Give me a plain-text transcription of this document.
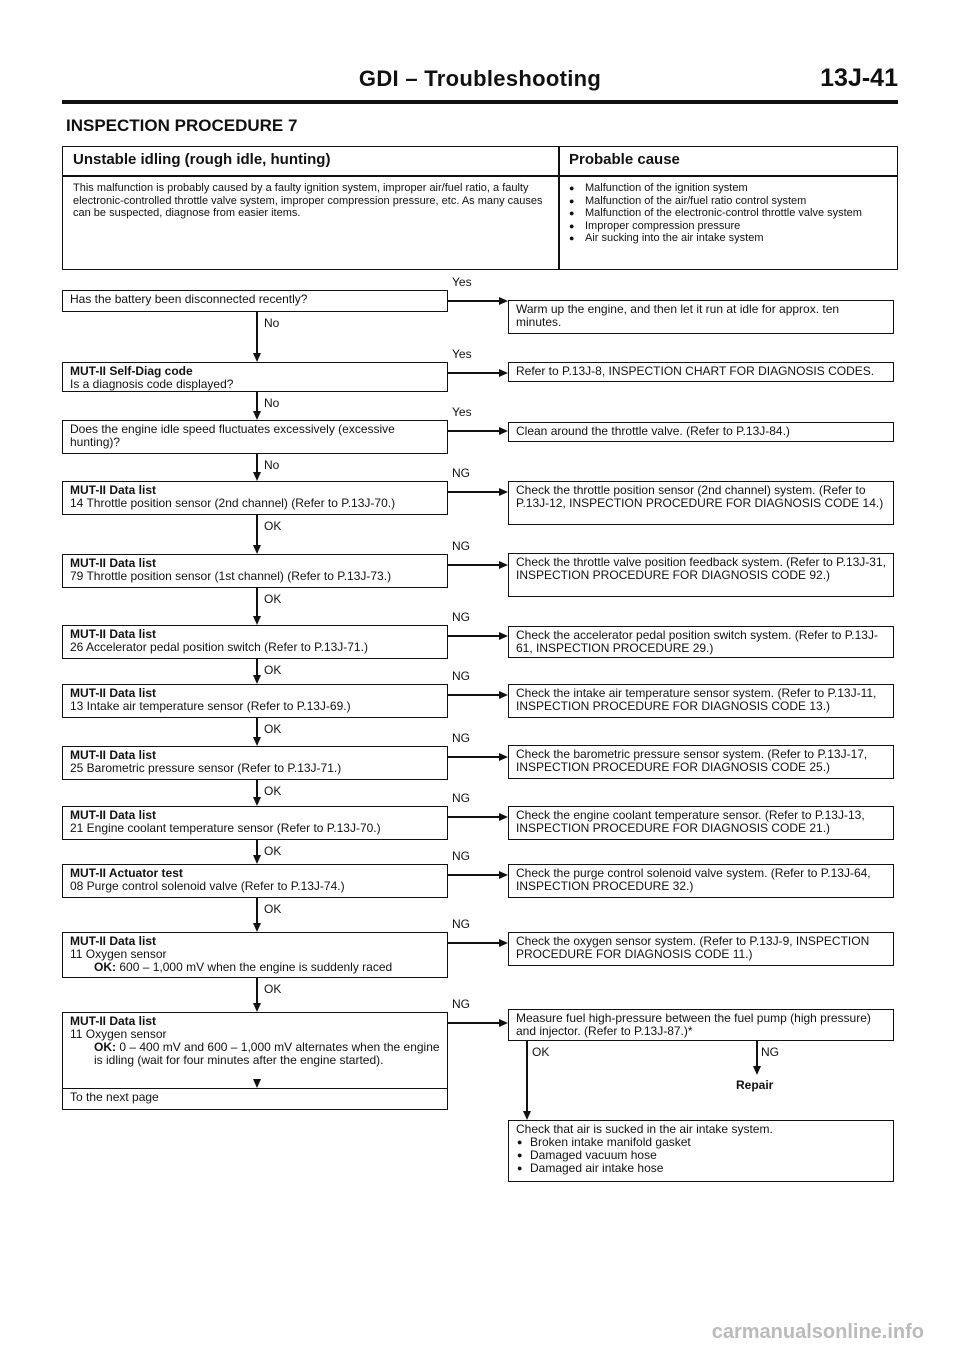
GDI – Troubleshooting	13J-41
INSPECTION PROCEDURE 7
Unstable idling (rough idle, hunting)	Probable cause
This malfunction is probably caused by a faulty ignition system, improper air/fuel ratio, a faulty electronic-controlled throttle valve system, improper compression pressure, etc. As many causes can be suspected, diagnose from easier items.
● Malfunction of the ignition system
● Malfunction of the air/fuel ratio control system
● Malfunction of the electronic-control throttle valve system
● Improper compression pressure
● Air sucking into the air intake system
Has the battery been disconnected recently?
Yes
Warm up the engine, and then let it run at idle for approx. ten minutes.
No
MUT-II Self-Diag code
Is a diagnosis code displayed?
Yes
Refer to P.13J-8, INSPECTION CHART FOR DIAGNOSIS CODES.
No
Does the engine idle speed fluctuates excessively (excessive hunting)?
Yes
Clean around the throttle valve. (Refer to P.13J-84.)
No
MUT-II Data list
14 Throttle position sensor (2nd channel) (Refer to P.13J-70.)
NG
Check the throttle position sensor (2nd channel) system. (Refer to P.13J-12, INSPECTION PROCEDURE FOR DIAGNOSIS CODE 14.)
OK
MUT-II Data list
79 Throttle position sensor (1st channel) (Refer to P.13J-73.)
NG
Check the throttle valve position feedback system. (Refer to P.13J-31, INSPECTION PROCEDURE FOR DIAGNOSIS CODE 92.)
OK
MUT-II Data list
26 Accelerator pedal position switch (Refer to P.13J-71.)
NG
Check the accelerator pedal position switch system. (Refer to P.13J-61, INSPECTION PROCEDURE 29.)
OK
MUT-II Data list
13 Intake air temperature sensor (Refer to P.13J-69.)
NG
Check the intake air temperature sensor system. (Refer to P.13J-11, INSPECTION PROCEDURE FOR DIAGNOSIS CODE 13.)
OK
MUT-II Data list
25 Barometric pressure sensor (Refer to P.13J-71.)
NG
Check the barometric pressure sensor system. (Refer to P.13J-17, INSPECTION PROCEDURE FOR DIAGNOSIS CODE 25.)
OK
MUT-II Data list
21 Engine coolant temperature sensor (Refer to P.13J-70.)
NG
Check the engine coolant temperature sensor. (Refer to P.13J-13, INSPECTION PROCEDURE FOR DIAGNOSIS CODE 21.)
OK
MUT-II Actuator test
08 Purge control solenoid valve (Refer to P.13J-74.)
NG
Check the purge control solenoid valve system. (Refer to P.13J-64, INSPECTION PROCEDURE 32.)
OK
MUT-II Data list
11 Oxygen sensor
OK: 600 – 1,000 mV when the engine is suddenly raced
NG
Check the oxygen sensor system. (Refer to P.13J-9, INSPECTION PROCEDURE FOR DIAGNOSIS CODE 11.)
OK
MUT-II Data list
11 Oxygen sensor
OK: 0 – 400 mV and 600 – 1,000 mV alternates when the engine is idling (wait for four minutes after the engine started).
NG
Measure fuel high-pressure between the fuel pump (high pressure) and injector. (Refer to P.13J-87.)*
To the next page
OK	NG
Repair
Check that air is sucked in the air intake system.
● Broken intake manifold gasket
● Damaged vacuum hose
● Damaged air intake hose
carmanualsonline.info
